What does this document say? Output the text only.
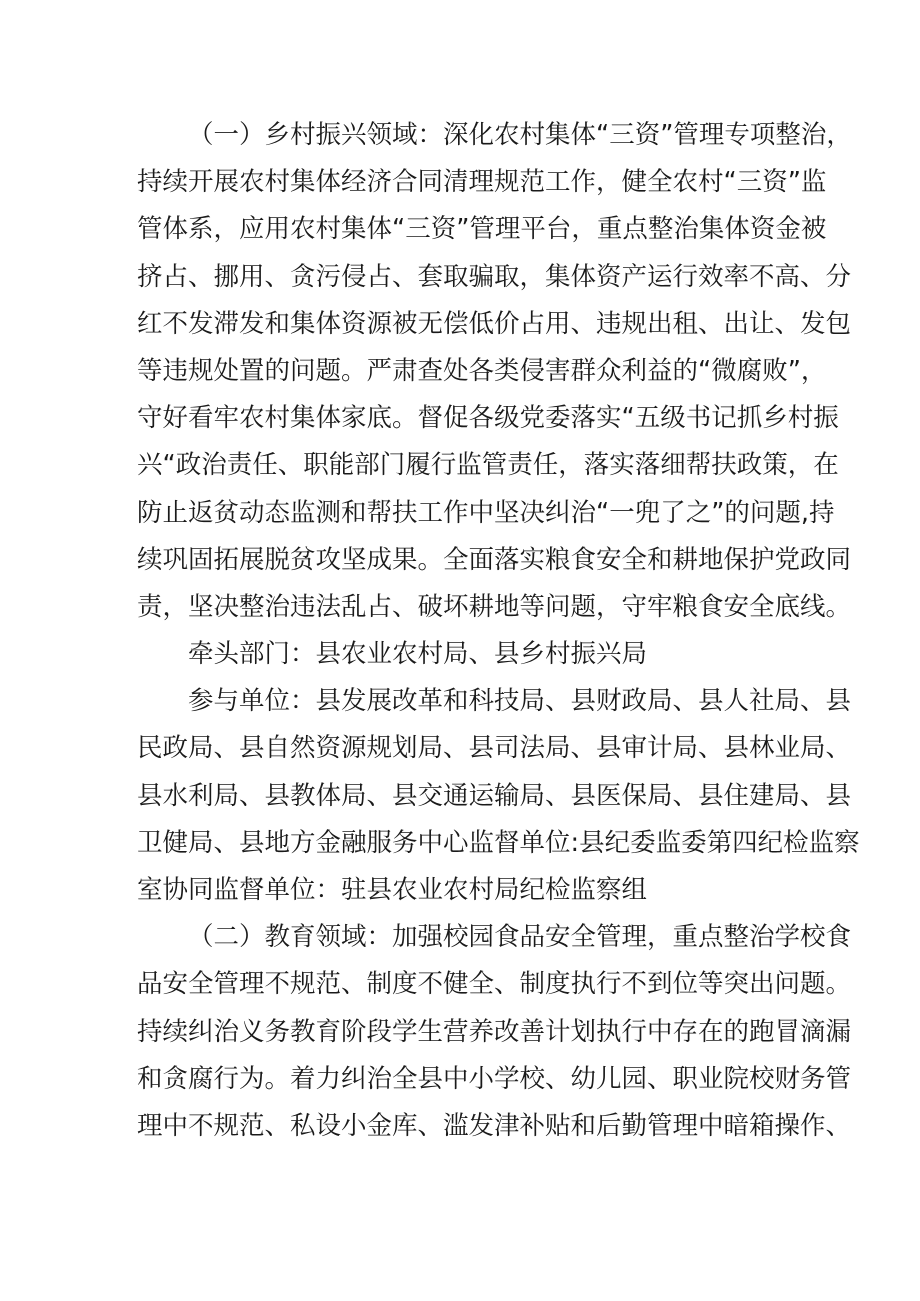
（一）乡村振兴领域：深化农村集体“三资”管理专项整治，
持续开展农村集体经济合同清理规范工作，健全农村“三资”监
管体系，应用农村集体“三资”管理平台，重点整治集体资金被
挤占、挪用、贪污侵占、套取骗取，集体资产运行效率不高、分
红不发滞发和集体资源被无偿低价占用、违规出租、出让、发包
等违规处置的问题。严肃查处各类侵害群众利益的“微腐败”，
守好看牢农村集体家底。督促各级党委落实“五级书记抓乡村振
兴“政治责任、职能部门履行监管责任，落实落细帮扶政策，在
防止返贫动态监测和帮扶工作中坚决纠治“一兜了之”的问题,持
续巩固拓展脱贫攻坚成果。全面落实粮食安全和耕地保护党政同
责，坚决整治违法乱占、破坏耕地等问题，守牢粮食安全底线。
牵头部门：县农业农村局、县乡村振兴局
参与单位：县发展改革和科技局、县财政局、县人社局、县
民政局、县自然资源规划局、县司法局、县审计局、县林业局、
县水利局、县教体局、县交通运输局、县医保局、县住建局、县
卫健局、县地方金融服务中心监督单位:县纪委监委第四纪检监察
室协同监督单位：驻县农业农村局纪检监察组
（二）教育领域：加强校园食品安全管理，重点整治学校食
品安全管理不规范、制度不健全、制度执行不到位等突出问题。
持续纠治义务教育阶段学生营养改善计划执行中存在的跑冒滴漏
和贪腐行为。着力纠治全县中小学校、幼儿园、职业院校财务管
理中不规范、私设小金库、滥发津补贴和后勤管理中暗箱操作、
